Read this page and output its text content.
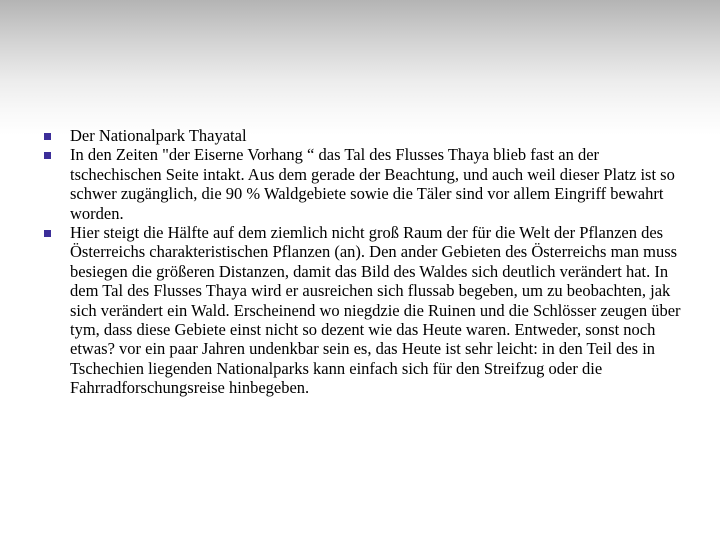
Der Nationalpark Thayatal
In den Zeiten "der Eiserne Vorhang “ das Tal des Flusses Thaya blieb fast an der tschechischen Seite intakt. Aus dem gerade der Beachtung, und auch weil dieser Platz ist so schwer zugänglich, die 90 % Waldgebiete sowie die Täler sind vor allem Eingriff bewahrt worden.
Hier steigt die Hälfte auf dem ziemlich nicht groß Raum der für die Welt der Pflanzen des Österreichs charakteristischen Pflanzen (an). Den ander Gebieten des Österreichs man muss besiegen die größeren Distanzen, damit das Bild des Waldes sich deutlich verändert hat. In dem Tal des Flusses Thaya wird er ausreichen sich flussab begeben, um zu beobachten, jak sich verändert ein Wald. Erscheinend wo niegdzie die Ruinen und die Schlösser zeugen über tym, dass diese Gebiete einst nicht so dezent wie das Heute waren. Entweder, sonst noch etwas? vor ein paar Jahren undenkbar sein es, das Heute ist sehr leicht: in den Teil des in Tschechien liegenden Nationalparks kann einfach sich für den Streifzug oder die Fahrradforschungsreise hinbegeben.
